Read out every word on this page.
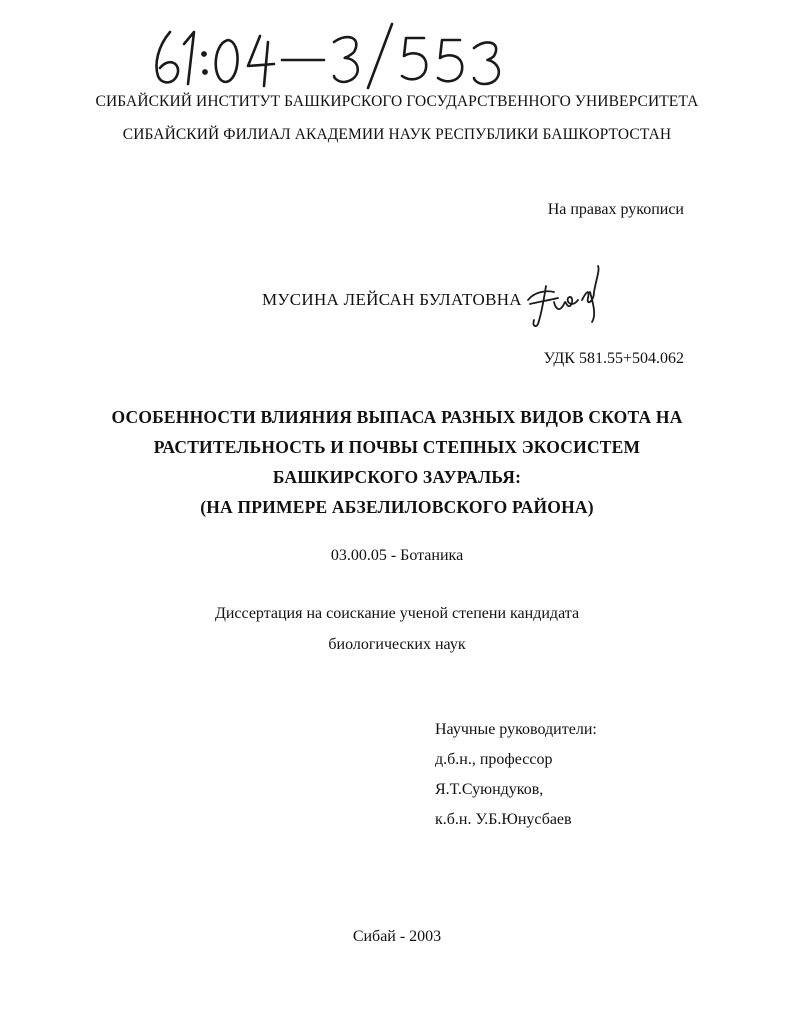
СИБАЙСКИЙ ИНСТИТУТ БАШКИРСКОГО ГОСУДАРСТВЕННОГО УНИВЕРСИТЕТА
СИБАЙСКИЙ ФИЛИАЛ АКАДЕМИИ НАУК РЕСПУБЛИКИ БАШКОРТОСТАН
На правах рукописи
МУСИНА ЛЕЙСАН БУЛАТОВНА
УДК 581.55+504.062
ОСОБЕННОСТИ ВЛИЯНИЯ ВЫПАСА РАЗНЫХ ВИДОВ СКОТА НА
РАСТИТЕЛЬНОСТЬ И ПОЧВЫ СТЕПНЫХ ЭКОСИСТЕМ
БАШКИРСКОГО ЗАУРАЛЬЯ:
(НА ПРИМЕРЕ АБЗЕЛИЛОВСКОГО РАЙОНА)
03.00.05 - Ботаника
Диссертация на соискание ученой степени кандидата
биологических наук
Научные руководители:
д.б.н., профессор
Я.Т.Суюндуков,
к.б.н. У.Б.Юнусбаев
Сибай - 2003
